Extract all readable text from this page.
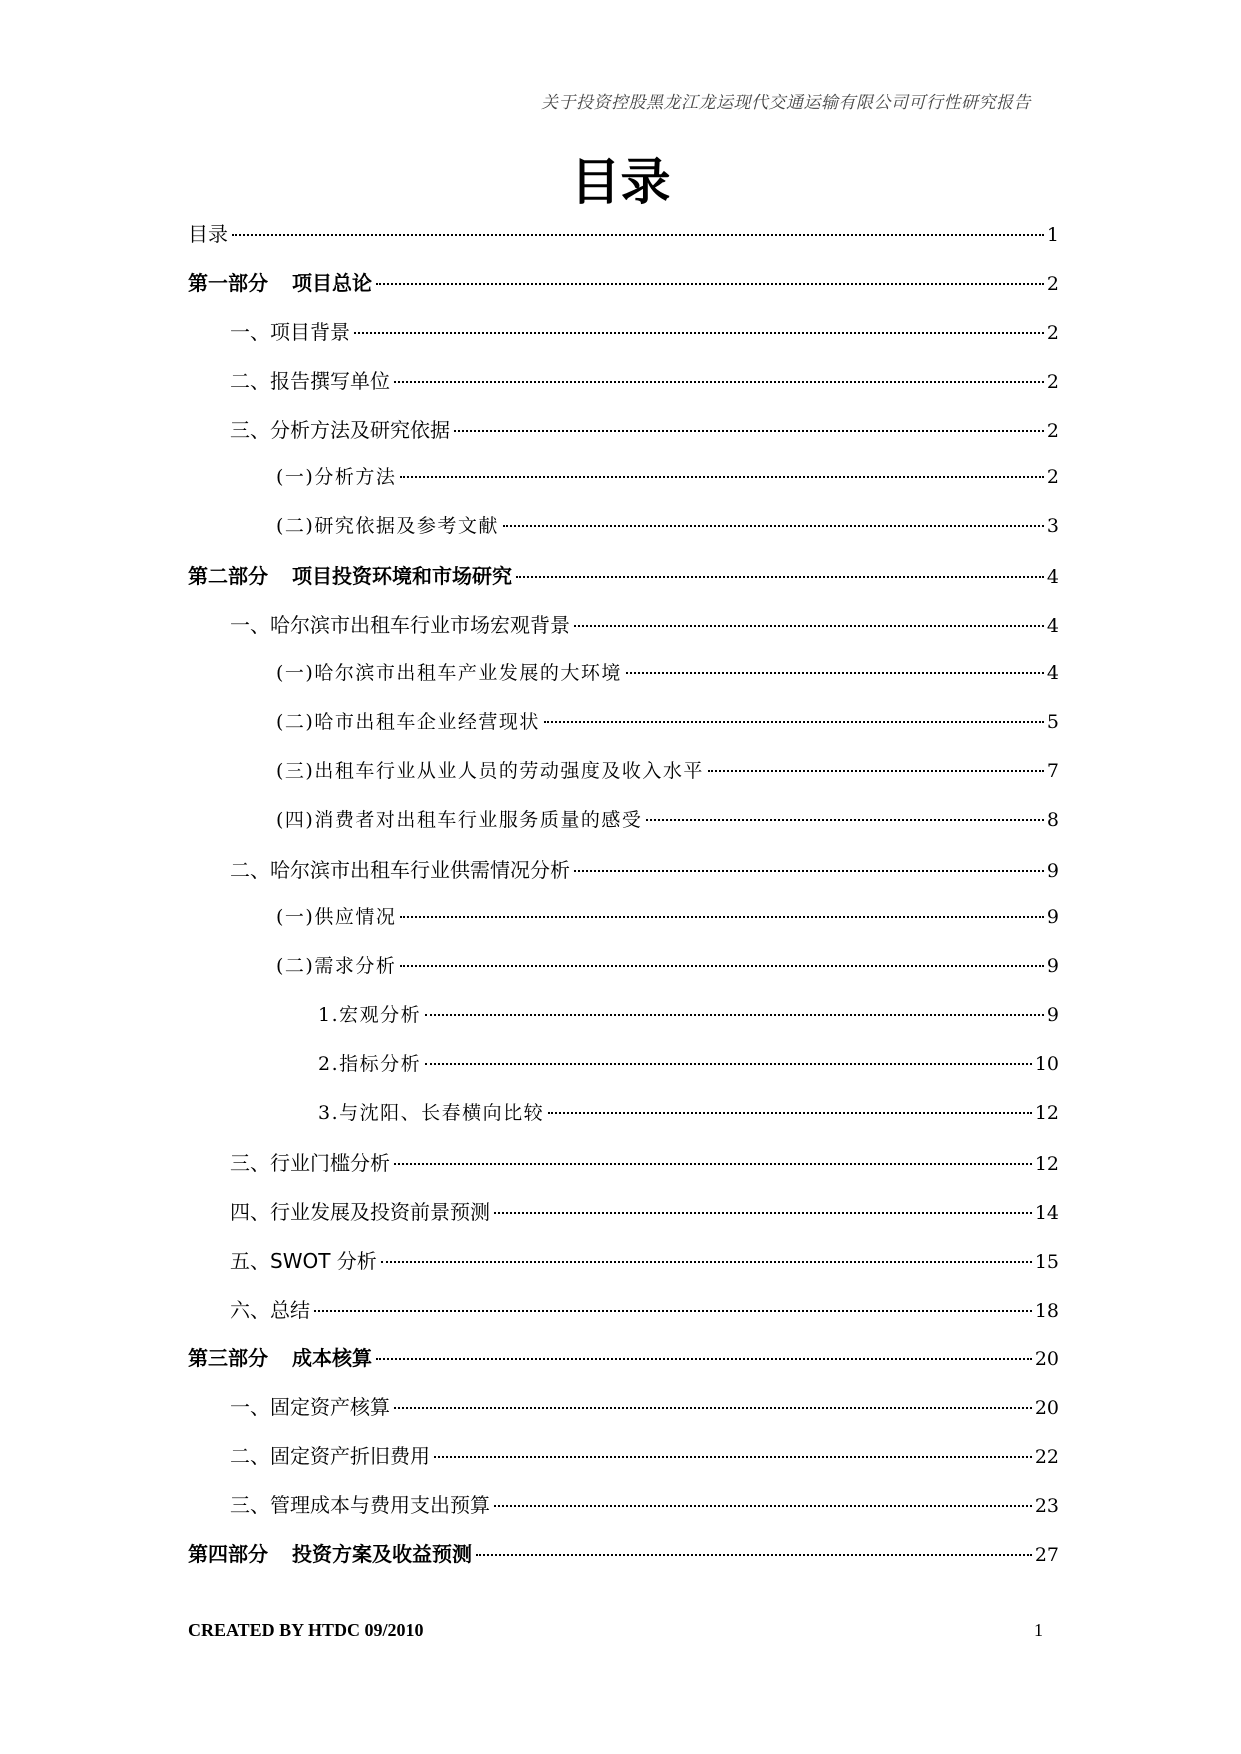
关于投资控股黑龙江龙运现代交通运输有限公司可行性研究报告
目录
目录	1
第一部分 项目总论	2
一、项目背景	2
二、报告撰写单位	2
三、分析方法及研究依据	2
(一)分析方法	2
(二)研究依据及参考文献	3
第二部分 项目投资环境和市场研究	4
一、哈尔滨市出租车行业市场宏观背景	4
(一)哈尔滨市出租车产业发展的大环境	4
(二)哈市出租车企业经营现状	5
(三)出租车行业从业人员的劳动强度及收入水平	7
(四)消费者对出租车行业服务质量的感受	8
二、哈尔滨市出租车行业供需情况分析	9
(一)供应情况	9
(二)需求分析	9
1.宏观分析	9
2.指标分析	10
3.与沈阳、长春横向比较	12
三、行业门槛分析	12
四、行业发展及投资前景预测	14
五、SWOT 分析	15
六、总结	18
第三部分 成本核算	20
一、固定资产核算	20
二、固定资产折旧费用	22
三、管理成本与费用支出预算	23
第四部分 投资方案及收益预测	27
CREATED BY HTDC 09/2010	1
